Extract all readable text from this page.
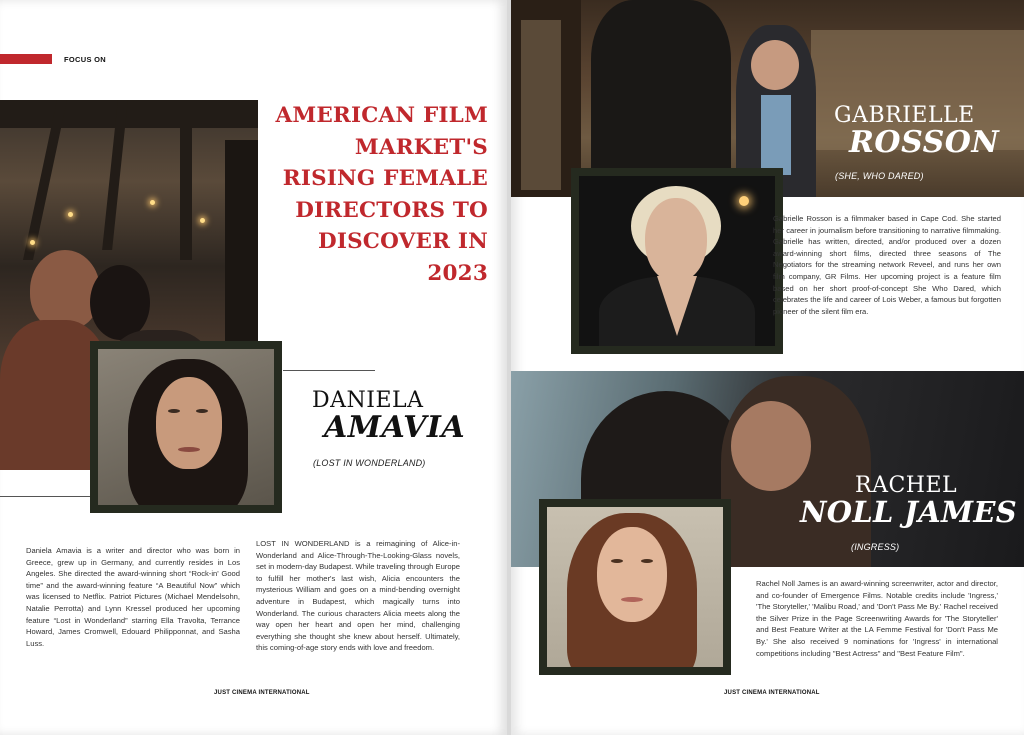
FOCUS ON
AMERICAN FILM
MARKET'S
RISING FEMALE
DIRECTORS TO
DISCOVER IN
2023
DANIELA
AMAVIA
(LOST IN WONDERLAND)
Daniela Amavia is a writer and director who was born in Greece, grew up in Germany, and currently resides in Los Angeles. She directed the award-winning short “Rock-in' Good time” and the award-winning feature “A Beautiful Now” which was licensed to Netflix. Patriot Pictures (Michael Mendelsohn, Natalie Perrotta) and Lynn Kressel produced her upcoming feature “Lost in Wonderland” starring Ella Travolta, Terrance Howard, James Cromwell, Edouard Philipponnat, and Sasha Luss.
LOST IN WONDERLAND is a reimagining of Alice-in-Wonderland and Alice-Through-The-Looking-Glass novels, set in modern-day Budapest. While traveling through Europe to fulfill her mother's last wish, Alicia encounters the mysterious William and goes on a mind-bending overnight adventure in Budapest, which magically turns into Wonderland. The curious characters Alicia meets along the way open her heart and open her mind, challenging everything she thought she knew about herself. Ultimately, this coming-of-age story ends with love and freedom.
JUST CINEMA INTERNATIONAL
GABRIELLE
ROSSON
(SHE, WHO DARED)
Gabrielle Rosson is a filmmaker based in Cape Cod. She started her career in journalism before transitioning to narrative filmmaking. Gabrielle has written, directed, and/or produced over a dozen award-winning short films, directed three seasons of The Negotiators for the streaming network Reveel, and runs her own film company, GR Films. Her upcoming project is a feature film based on her short proof-of-concept She Who Dared, which celebrates the life and career of Lois Weber, a famous but forgotten pioneer of the silent film era.
RACHEL
NOLL JAMES
(INGRESS)
Rachel Noll James is an award-winning screenwriter, actor and director, and co-founder of Emergence Films. Notable credits include 'Ingress,' 'The Storyteller,' 'Malibu Road,' and 'Don't Pass Me By.' Rachel received the Silver Prize in the Page Screenwriting Awards for 'The Storyteller' and Best Feature Writer at the LA Femme Festival for 'Don't Pass Me By.' She also received 9 nominations for 'Ingress' in international competitions including "Best Actress" and "Best Feature Film".
JUST CINEMA INTERNATIONAL
